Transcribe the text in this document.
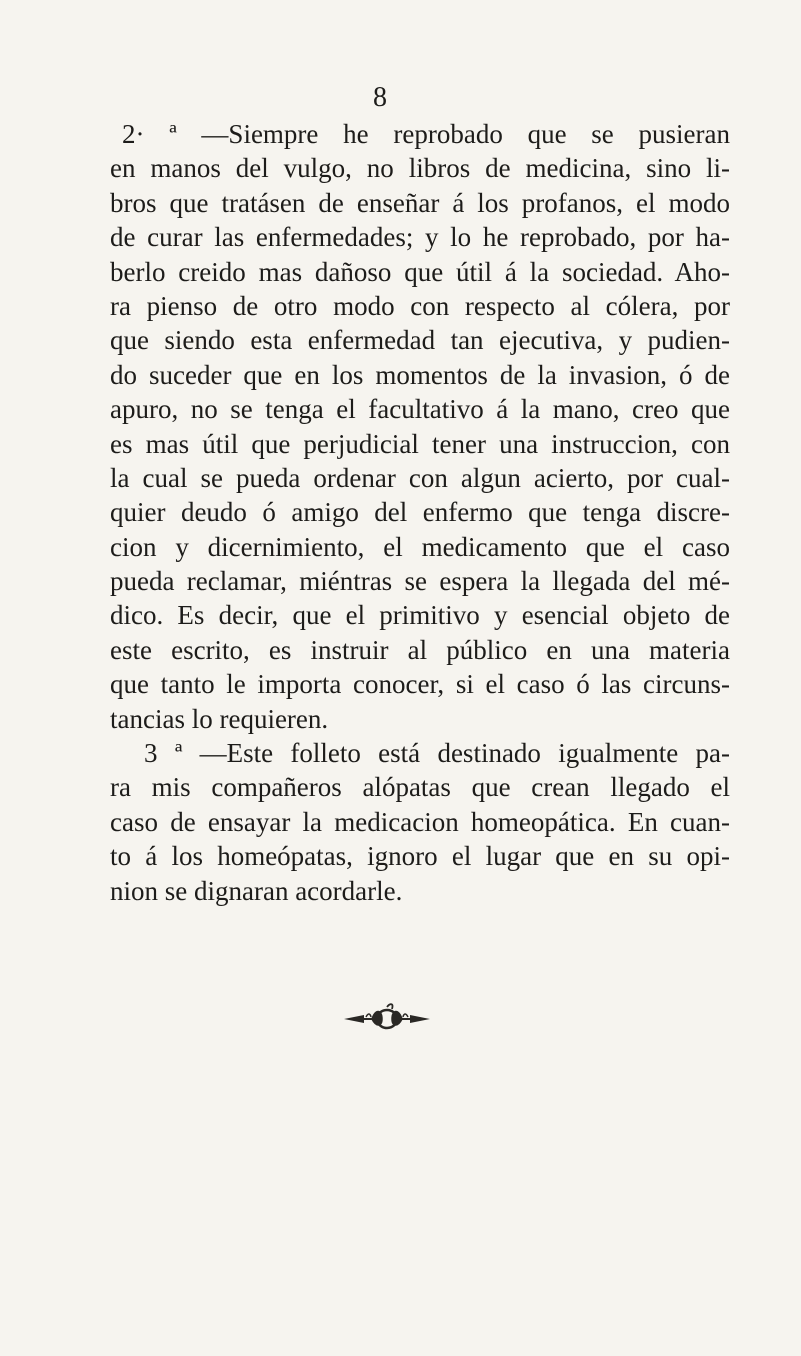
8
2· ª —Siempre he reprobado que se pusieran
en manos del vulgo, no libros de medicina, sino li-
bros que tratásen de enseñar á los profanos, el modo
de curar las enfermedades; y lo he reprobado, por ha-
berlo creido mas dañoso que útil á la sociedad. Aho-
ra pienso de otro modo con respecto al cólera, por
que siendo esta enfermedad tan ejecutiva, y pudien-
do suceder que en los momentos de la invasion, ó de
apuro, no se tenga el facultativo á la mano, creo que
es mas útil que perjudicial tener una instruccion, con
la cual se pueda ordenar con algun acierto, por cual-
quier deudo ó amigo del enfermo que tenga discre-
cion y dicernimiento, el medicamento que el caso
pueda reclamar, miéntras se espera la llegada del mé-
dico. Es decir, que el primitivo y esencial objeto de
este escrito, es instruir al público en una materia
que tanto le importa conocer, si el caso ó las circuns-
tancias lo requieren.
3 ª —Este folleto está destinado igualmente pa-
ra mis compañeros alópatas que crean llegado el
caso de ensayar la medicacion homeopática. En cuan-
to á los homeópatas, ignoro el lugar que en su opi-
nion se dignaran acordarle.
